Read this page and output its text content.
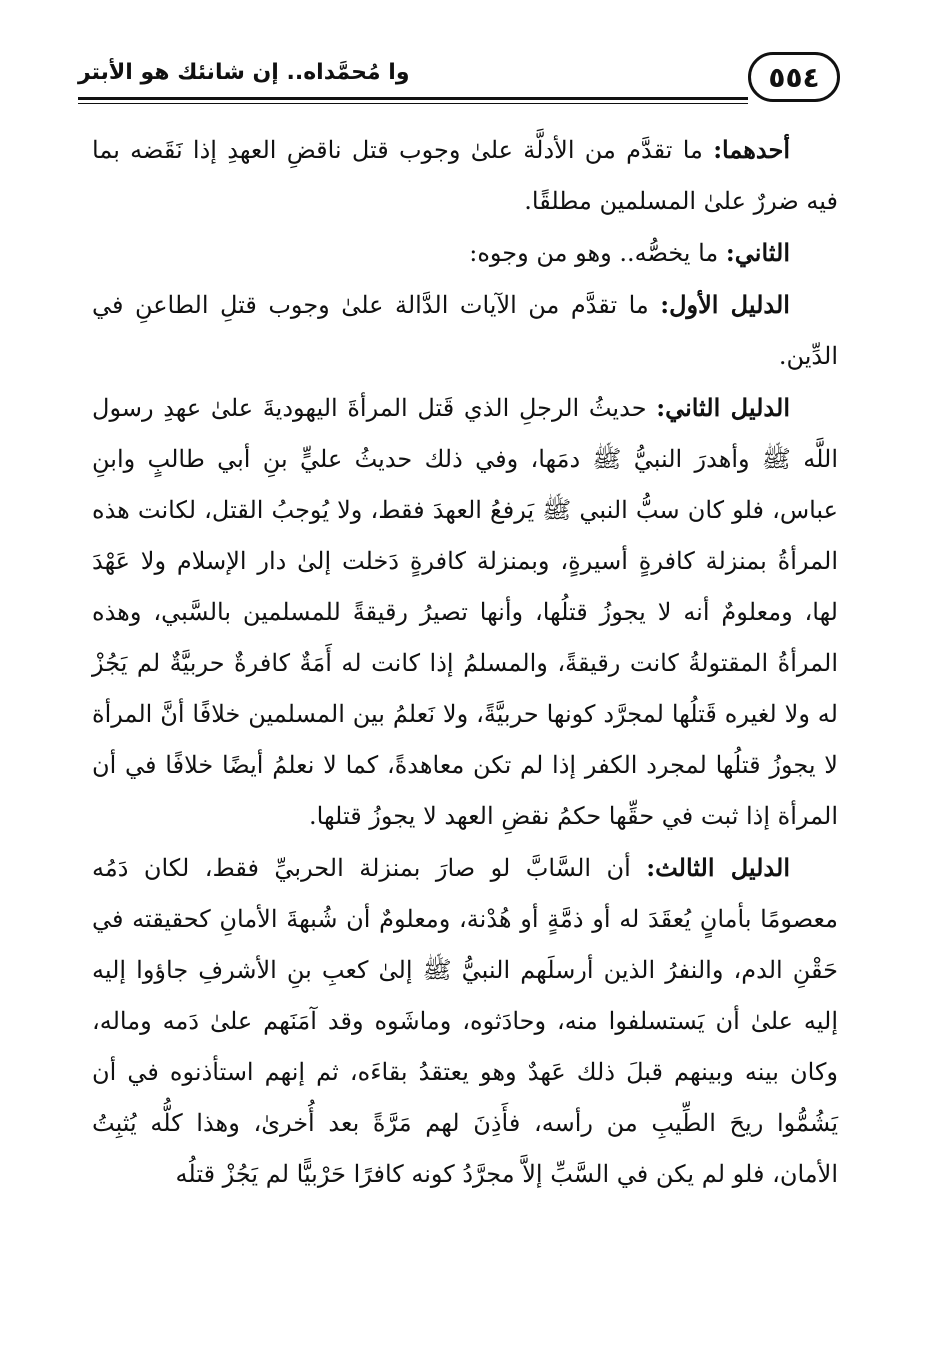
٥٥٤
وا مُحمَّداه.. إن شانئك هو الأبتر

أحدهما: ما تقدَّم من الأدلَّة علىٰ وجوب قتل ناقضِ العهدِ إذا نَقَضه بما فيه ضررٌ علىٰ المسلمين مطلقًا.

الثاني: ما يخصُّه.. وهو من وجوه:

الدليل الأول: ما تقدَّم من الآيات الدَّالة علىٰ وجوب قتلِ الطاعنِ في الدِّين.

الدليل الثاني: حديثُ الرجلِ الذي قَتل المرأةَ اليهوديةَ علىٰ عهدِ رسول اللَّه ﷺ وأهدرَ النبيُّ ﷺ دمَها، وفي ذلك حديثُ عليٍّ بنِ أبي طالبٍ وابنِ عباس، فلو كان سبُّ النبي ﷺ يَرفعُ العهدَ فقط، ولا يُوجبُ القتل، لكانت هذه المرأةُ بمنزلة كافرةٍ أسيرةٍ، وبمنزلة كافرةٍ دَخلت إلىٰ دار الإسلام ولا عَهْدَ لها، ومعلومٌ أنه لا يجوزُ قتلُها، وأنها تصيرُ رقيقةً للمسلمين بالسَّبي، وهذه المرأةُ المقتولةُ كانت رقيقةً، والمسلمُ إذا كانت له أَمَةٌ كافرةٌ حربيَّةٌ لم يَجُزْ له ولا لغيره قَتلُها لمجرَّد كونها حربيَّةً، ولا نَعلمُ بين المسلمين خلافًا أنَّ المرأة لا يجوزُ قتلُها لمجرد الكفر إذا لم تكن معاهدةً، كما لا نعلمُ أيضًا خلافًا في أن المرأة إذا ثبت في حقِّها حكمُ نقضِ العهد لا يجوزُ قتلها.

الدليل الثالث: أن السَّابَّ لو صارَ بمنزلة الحربيِّ فقط، لكان دَمُه معصومًا بأمانٍ يُعقَدَ له أو ذمَّةٍ أو هُدْنة، ومعلومٌ أن شُبهةَ الأمانِ كحقيقته في حَقْنِ الدم، والنفرُ الذين أرسلَهم النبيُّ ﷺ إلىٰ كعبِ بنِ الأشرفِ جاؤوا إليه إليه علىٰ أن يَستسلفوا منه، وحادَثوه، وماشَوه وقد آمَنَهم علىٰ دَمه وماله، وكان بينه وبينهم قبلَ ذلك عَهدٌ وهو يعتقدُ بقاءَه، ثم إنهم استأذنوه في أن يَشُمُّوا ريحَ الطِّيبِ من رأسه، فأَذِنَ لهم مَرَّةً بعد أُخرىٰ، وهذا كلُّه يُثبِتُ الأمان، فلو لم يكن في السَّبِّ إلاَّ مجرَّدُ كونه كافرًا حَرْبيًّا لم يَجُزْ قتلُه
